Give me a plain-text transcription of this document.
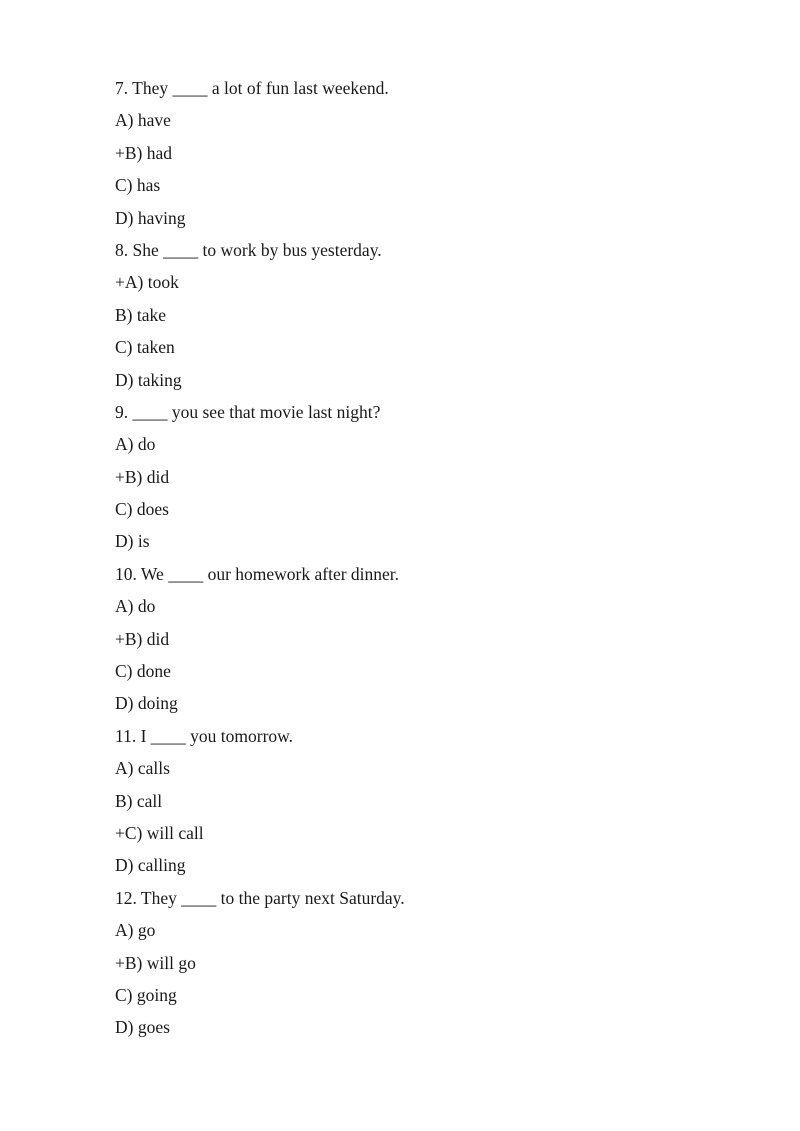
7. They ____ a lot of fun last weekend.
A) have
+B) had
C) has
D) having
8. She ____ to work by bus yesterday.
+A) took
B) take
C) taken
D) taking
9. ____ you see that movie last night?
A) do
+B) did
C) does
D) is
10. We ____ our homework after dinner.
A) do
+B) did
C) done
D) doing
11. I ____ you tomorrow.
A) calls
B) call
+C) will call
D) calling
12. They ____ to the party next Saturday.
A) go
+B) will go
C) going
D) goes
